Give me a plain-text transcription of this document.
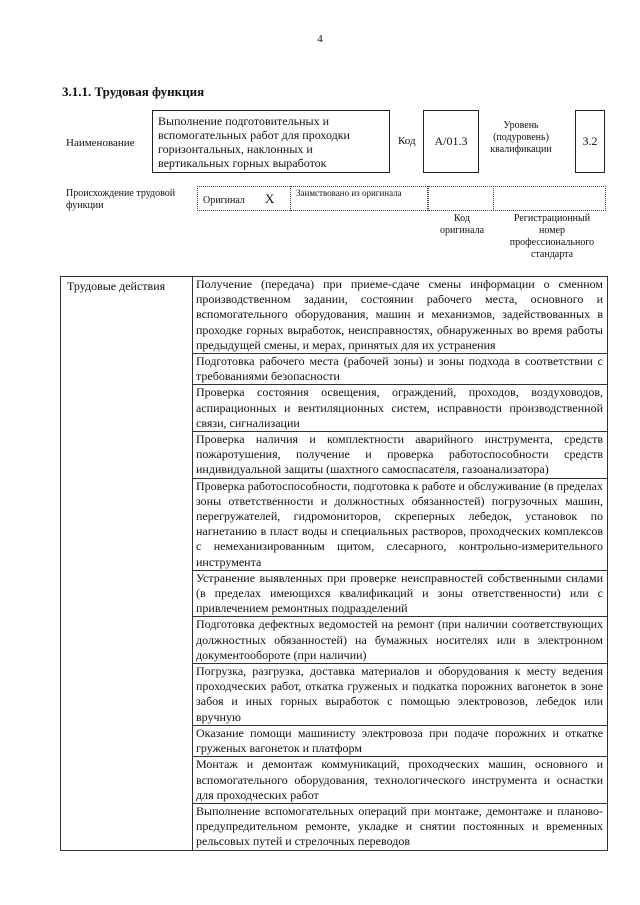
4
3.1.1. Трудовая функция
Наименование
Выполнение подготовительных и вспомогательных работ для проходки горизонтальных, наклонных и вертикальных горных выработок
Код	A/01.3
Уровень (подуровень) квалификации
3.2
Происхождение трудовой функции	Оригинал X Заимствовано из оригинала
Код оригинала
Регистрационный номер профессионального стандарта
Трудовые действия	Получение (передача) при приеме-сдаче смены информации о сменном производственном задании, состоянии рабочего места, основного и вспомогательного оборудования, машин и механизмов, задействованных в проходке горных выработок, неисправностях, обнаруженных во время работы предыдущей смены, и мерах, принятых для их устранения
Подготовка рабочего места (рабочей зоны) и зоны подхода в соответствии с требованиями безопасности
Проверка состояния освещения, ограждений, проходов, воздуховодов, аспирационных и вентиляционных систем, исправности производственной связи, сигнализации
Проверка наличия и комплектности аварийного инструмента, средств пожаротушения, получение и проверка работоспособности средств индивидуальной защиты (шахтного самоспасателя, газоанализатора)
Проверка работоспособности, подготовка к работе и обслуживание (в пределах зоны ответственности и должностных обязанностей) погрузочных машин, перегружателей, гидромониторов, скреперных лебедок, установок по нагнетанию в пласт воды и специальных растворов, проходческих комплексов с немеханизированным щитом, слесарного, контрольно-измерительного инструмента
Устранение выявленных при проверке неисправностей собственными силами (в пределах имеющихся квалификаций и зоны ответственности) или с привлечением ремонтных подразделений
Подготовка дефектных ведомостей на ремонт (при наличии соответствующих должностных обязанностей) на бумажных носителях или в электронном документообороте (при наличии)
Погрузка, разгрузка, доставка материалов и оборудования к месту ведения проходческих работ, откатка груженых и подкатка порожних вагонеток в зоне забоя и иных горных выработок с помощью электровозов, лебедок или вручную
Оказание помощи машинисту электровоза при подаче порожних и откатке груженых вагонеток и платформ
Монтаж и демонтаж коммуникаций, проходческих машин, основного и вспомогательного оборудования, технологического инструмента и оснастки для проходческих работ
Выполнение вспомогательных операций при монтаже, демонтаже и планово-предупредительном ремонте, укладке и снятии постоянных и временных рельсовых путей и стрелочных переводов
